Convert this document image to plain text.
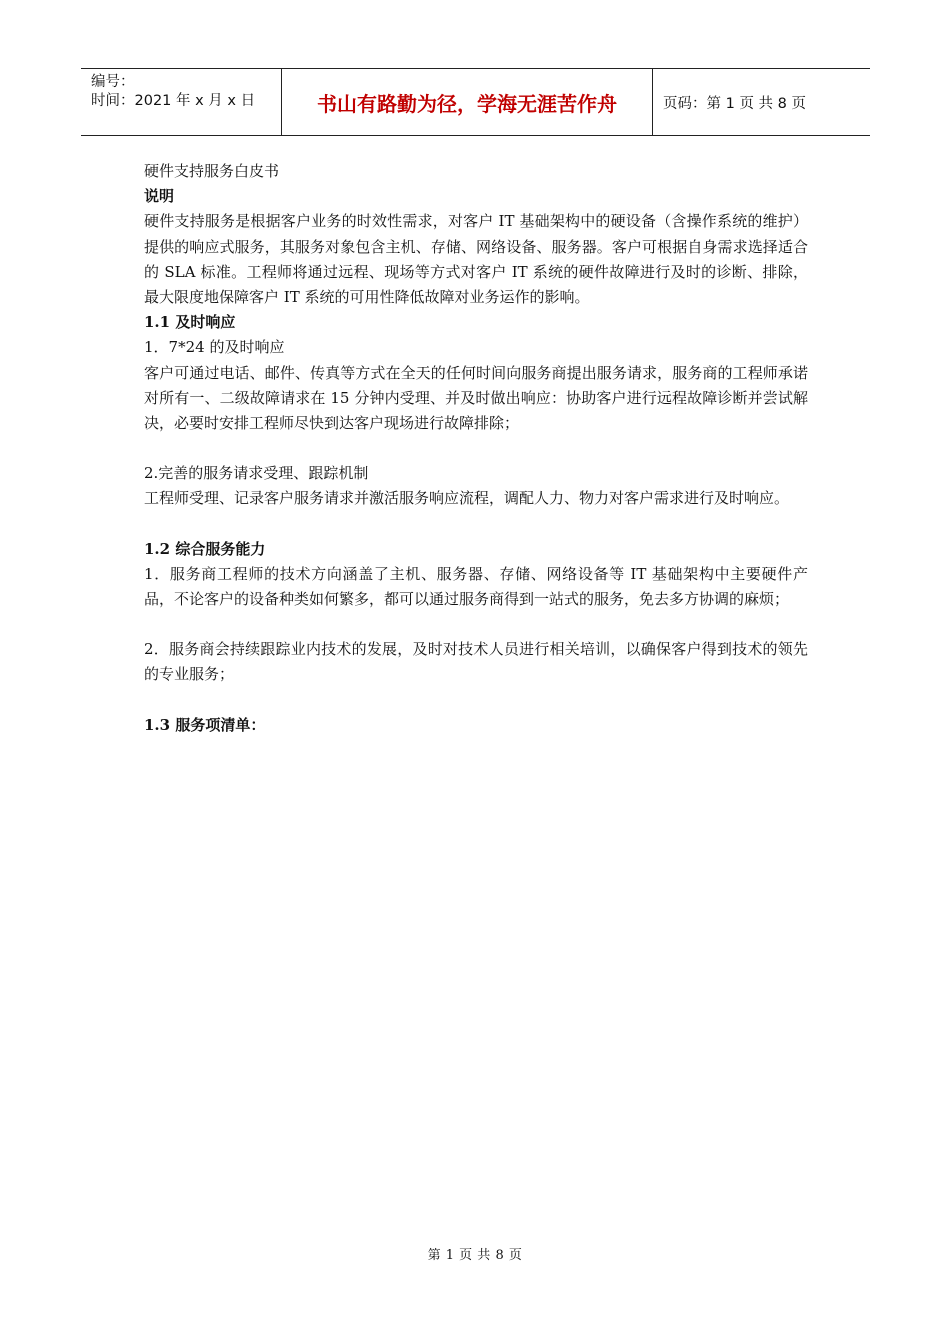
编号：
时间：2021 年 x 月 x 日	书山有路勤为径，学海无涯苦作舟	页码：第 1 页 共 8 页

硬件支持服务白皮书

说明

硬件支持服务是根据客户业务的时效性需求，对客户 IT 基础架构中的硬设备（含操作系统的维护）提供的响应式服务，其服务对象包含主机、存储、网络设备、服务器。客户可根据自身需求选择适合的 SLA 标准。工程师将通过远程、现场等方式对客户 IT 系统的硬件故障进行及时的诊断、排除，最大限度地保障客户 IT 系统的可用性降低故障对业务运作的影响。

1.1 及时响应

1．7*24 的及时响应

客户可通过电话、邮件、传真等方式在全天的任何时间向服务商提出服务请求，服务商的工程师承诺对所有一、二级故障请求在 15 分钟内受理、并及时做出响应：协助客户进行远程故障诊断并尝试解决，必要时安排工程师尽快到达客户现场进行故障排除；

2.完善的服务请求受理、跟踪机制

工程师受理、记录客户服务请求并激活服务响应流程，调配人力、物力对客户需求进行及时响应。

1.2 综合服务能力

1．服务商工程师的技术方向涵盖了主机、服务器、存储、网络设备等 IT 基础架构中主要硬件产品，不论客户的设备种类如何繁多，都可以通过服务商得到一站式的服务，免去多方协调的麻烦；

2．服务商会持续跟踪业内技术的发展，及时对技术人员进行相关培训，以确保客户得到技术的领先的专业服务；

1.3 服务项清单：

第 1 页 共 8 页
